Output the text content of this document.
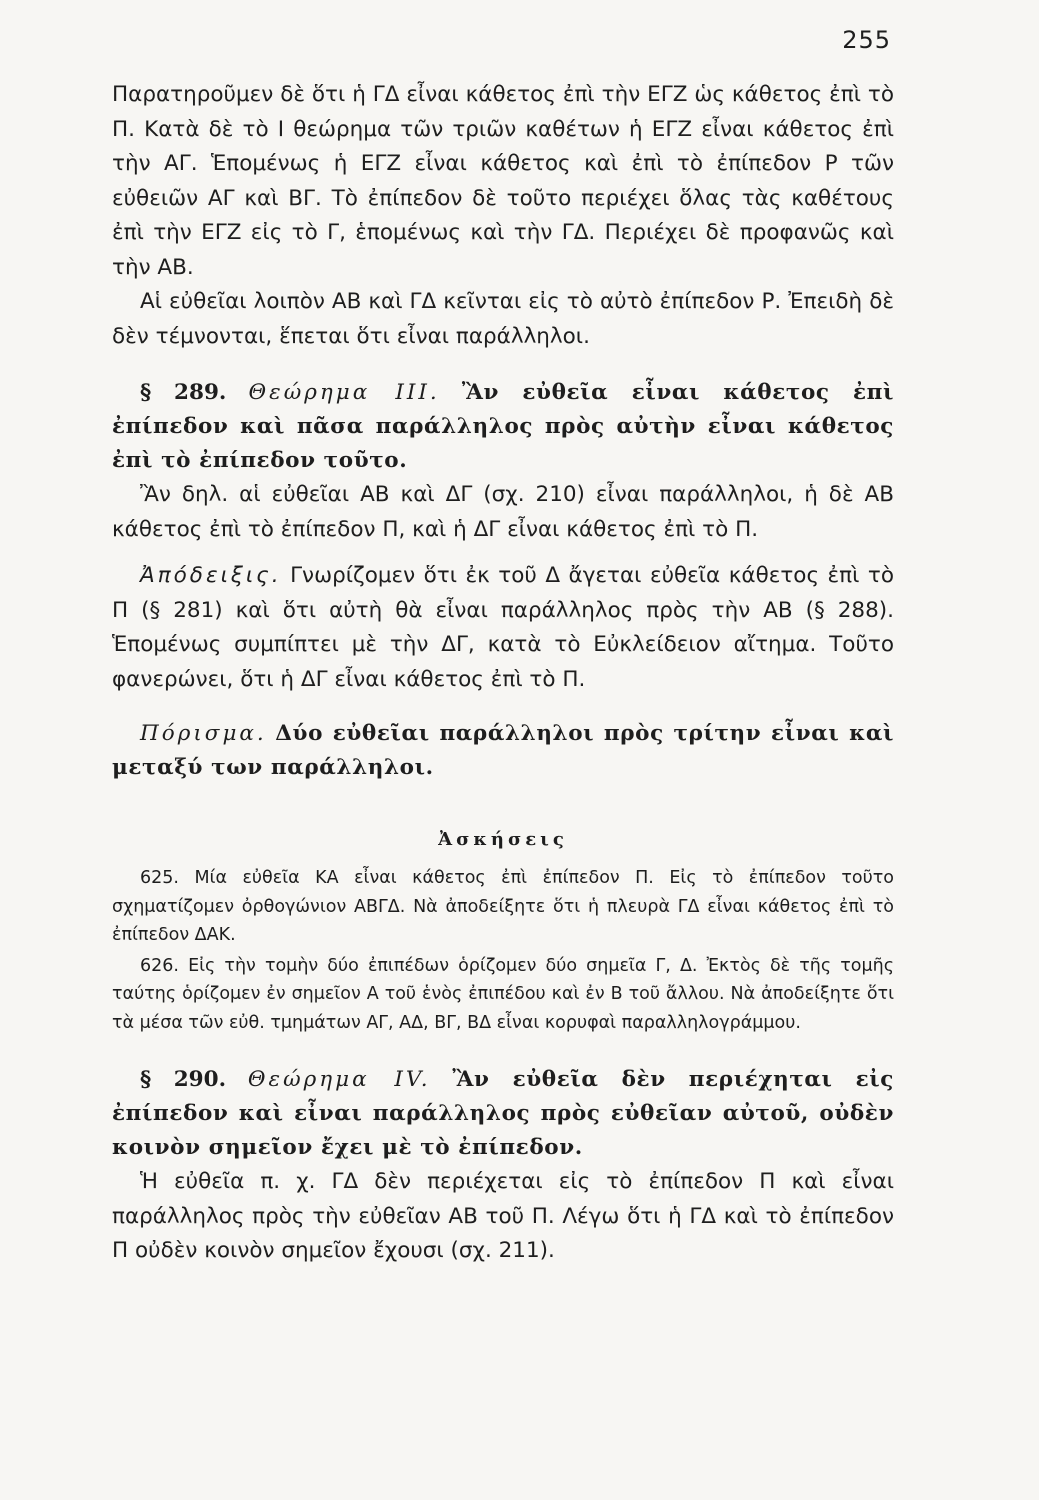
255

Παρατηροῦμεν δὲ ὅτι ἡ ΓΔ εἶναι κάθετος ἐπὶ τὴν ΕΓΖ ὡς κάθετος ἐπὶ τὸ Π. Κατὰ δὲ τὸ Ι θεώρημα τῶν τριῶν καθέτων ἡ ΕΓΖ εἶναι κάθετος ἐπὶ τὴν ΑΓ. Ἑπομένως ἡ ΕΓΖ εἶναι κάθετος καὶ ἐπὶ τὸ ἐπίπεδον Ρ τῶν εὐθειῶν ΑΓ καὶ ΒΓ. Τὸ ἐπίπεδον δὲ τοῦτο περιέχει ὅλας τὰς καθέτους ἐπὶ τὴν ΕΓΖ εἰς τὸ Γ, ἑπομένως καὶ τὴν ΓΔ. Περιέχει δὲ προφανῶς καὶ τὴν ΑΒ.

Αἱ εὐθεῖαι λοιπὸν ΑΒ καὶ ΓΔ κεῖνται εἰς τὸ αὐτὸ ἐπίπεδον Ρ. Ἐπειδὴ δὲ δὲν τέμνονται, ἕπεται ὅτι εἶναι παράλληλοι.

§ 289. Θεώρημα III. Ἂν εὐθεῖα εἶναι κάθετος ἐπὶ ἐπίπεδον καὶ πᾶσα παράλληλος πρὸς αὐτὴν εἶναι κάθετος ἐπὶ τὸ ἐπίπεδον τοῦτο.

Ἂν δηλ. αἱ εὐθεῖαι ΑΒ καὶ ΔΓ (σχ. 210) εἶναι παράλληλοι, ἡ δὲ ΑΒ κάθετος ἐπὶ τὸ ἐπίπεδον Π, καὶ ἡ ΔΓ εἶναι κάθετος ἐπὶ τὸ Π.

Ἀπόδειξις. Γνωρίζομεν ὅτι ἐκ τοῦ Δ ἄγεται εὐθεῖα κάθετος ἐπὶ τὸ Π (§ 281) καὶ ὅτι αὐτὴ θὰ εἶναι παράλληλος πρὸς τὴν ΑΒ (§ 288). Ἑπομένως συμπίπτει μὲ τὴν ΔΓ, κατὰ τὸ Εὐκλείδειον αἴτημα. Τοῦτο φανερώνει, ὅτι ἡ ΔΓ εἶναι κάθετος ἐπὶ τὸ Π.

Πόρισμα. Δύο εὐθεῖαι παράλληλοι πρὸς τρίτην εἶναι καὶ μεταξύ των παράλληλοι.

Ἀσκήσεις

625. Μία εὐθεῖα ΚΑ εἶναι κάθετος ἐπὶ ἐπίπεδον Π. Εἰς τὸ ἐπίπεδον τοῦτο σχηματίζομεν ὀρθογώνιον ΑΒΓΔ. Νὰ ἀποδείξητε ὅτι ἡ πλευρὰ ΓΔ εἶναι κάθετος ἐπὶ τὸ ἐπίπεδον ΔΑΚ.

626. Εἰς τὴν τομὴν δύο ἐπιπέδων ὁρίζομεν δύο σημεῖα Γ, Δ. Ἐκτὸς δὲ τῆς τομῆς ταύτης ὁρίζομεν ἐν σημεῖον Α τοῦ ἑνὸς ἐπιπέδου καὶ ἐν Β τοῦ ἄλλου. Νὰ ἀποδείξητε ὅτι τὰ μέσα τῶν εὐθ. τμημάτων ΑΓ, ΑΔ, ΒΓ, ΒΔ εἶναι κορυφαὶ παραλληλογράμμου.

§ 290. Θεώρημα IV. Ἂν εὐθεῖα δὲν περιέχηται εἰς ἐπίπεδον καὶ εἶναι παράλληλος πρὸς εὐθεῖαν αὐτοῦ, οὐδὲν κοινὸν σημεῖον ἔχει μὲ τὸ ἐπίπεδον.

Ἡ εὐθεῖα π. χ. ΓΔ δὲν περιέχεται εἰς τὸ ἐπίπεδον Π καὶ εἶναι παράλληλος πρὸς τὴν εὐθεῖαν ΑΒ τοῦ Π. Λέγω ὅτι ἡ ΓΔ καὶ τὸ ἐπίπεδον Π οὐδὲν κοινὸν σημεῖον ἔχουσι (σχ. 211).
